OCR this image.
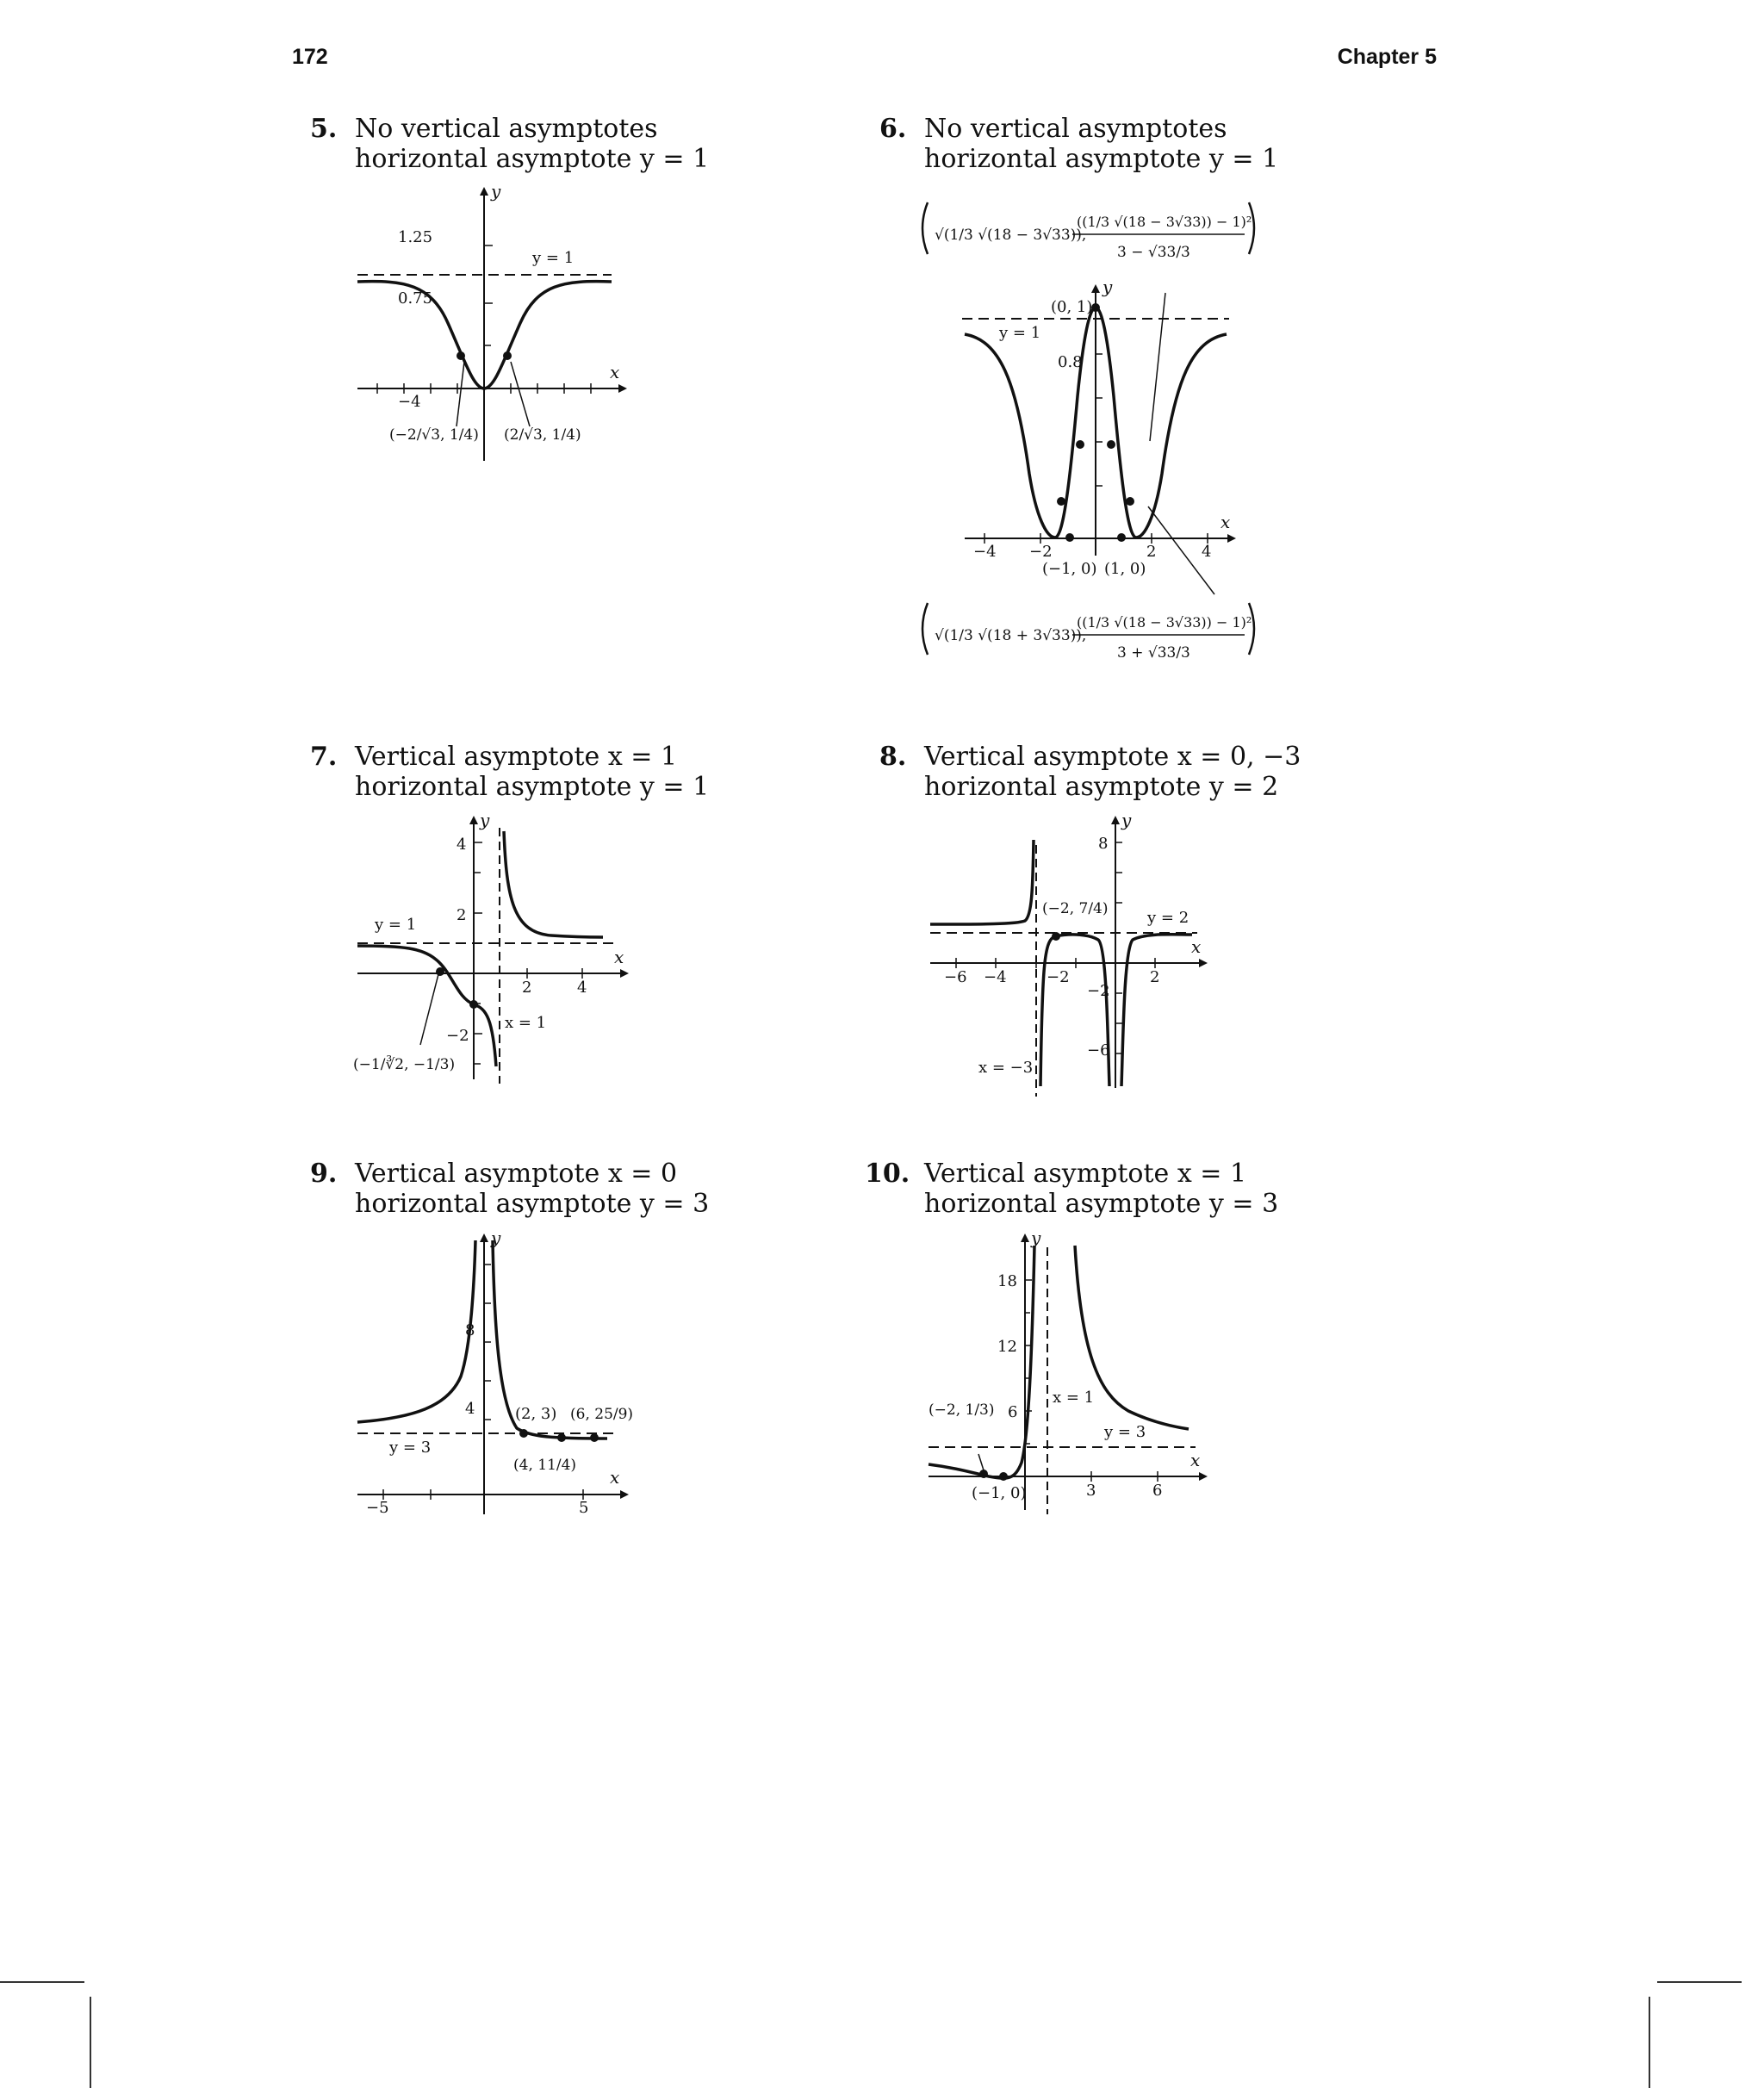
172	Chapter 5
5. No vertical asymptotes
horizontal asymptote y = 1
y
x
1.25
0.75
−4
y = 1
(−2/√3, 1/4) (2/√3, 1/4)
6. No vertical asymptotes
horizontal asymptote y = 1
√(1/3 √(18 − 3√33)),
((1/3 √(18 − 3√33)) − 1)²
3 − √33/3
y
x
(0, 1)
y = 1
0.8
−4 −2	2	4
(−1, 0) (1, 0)
√(1/3 √(18 + 3√33)),
((1/3 √(18 − 3√33)) − 1)²
3 + √33/3
7. Vertical asymptote x = 1
horizontal asymptote y = 1
y
x
4
2
−2
2	4
y = 1
x = 1
(−1/∛2, −1/3)
8. Vertical asymptote x = 0, −3
horizontal asymptote y = 2
y
x
8
−2
−6
−6 −4	−2	2
y = 2
x = −3
(−2, 7/4)
9. Vertical asymptote x = 0
horizontal asymptote y = 3
y
x
8
4
−5	5
y = 3
(2, 3) (6, 25/9)
(4, 11/4)
10. Vertical asymptote x = 1
horizontal asymptote y = 3
y
x
18
12
6
3	6
x = 1
y = 3
(−2, 1/3)
(−1, 0)
